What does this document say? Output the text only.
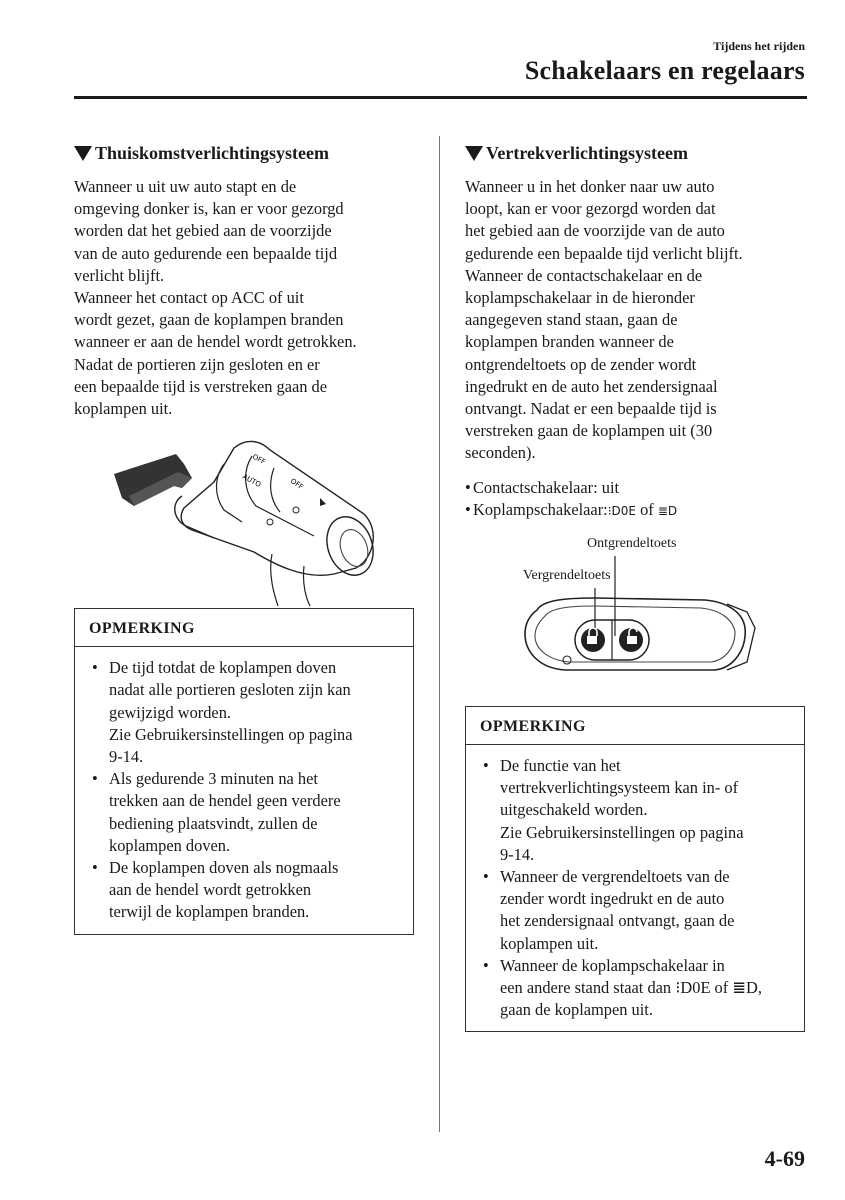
Tijdens het rijden
Schakelaars en regelaars
Thuiskomstverlichtingsysteem

Wanneer u uit uw auto stapt en de
omgeving donker is, kan er voor gezorgd
worden dat het gebied aan de voorzijde
van de auto gedurende een bepaalde tijd
verlicht blijft.
Wanneer het contact op ACC of uit
wordt gezet, gaan de koplampen branden
wanneer er aan de hendel wordt getrokken.
Nadat de portieren zijn gesloten en er
een bepaalde tijd is verstreken gaan de
koplampen uit.

OFF
AUTO	OFF
OPMERKING
• De tijd totdat de koplampen doven
nadat alle portieren gesloten zijn kan
gewijzigd worden.
Zie Gebruikersinstellingen op pagina
9-14.
• Als gedurende 3 minuten na het
trekken aan de hendel geen verdere
bediening plaatsvindt, zullen de
koplampen doven.
• De koplampen doven als nogmaals
aan de hendel wordt getrokken
terwijl de koplampen branden.
Vertrekverlichtingsysteem

Wanneer u in het donker naar uw auto
loopt, kan er voor gezorgd worden dat
het gebied aan de voorzijde van de auto
gedurende een bepaalde tijd verlicht blijft.
Wanneer de contactschakelaar en de
koplampschakelaar in de hieronder
aangegeven stand staan, gaan de
koplampen branden wanneer de
ontgrendeltoets op de zender wordt
ingedrukt en de auto het zendersignaal
ontvangt. Nadat er een bepaalde tijd is
verstreken gaan de koplampen uit (30
seconden).

• Contactschakelaar: uit
• Koplampschakelaar:⁝D0E of ≣D
Ontgrendeltoets
Vergrendeltoets
OPMERKING
• De functie van het
vertrekverlichtingsysteem kan in- of
uitgeschakeld worden.
Zie Gebruikersinstellingen op pagina
9-14.
• Wanneer de vergrendeltoets van de
zender wordt ingedrukt en de auto
het zendersignaal ontvangt, gaan de
koplampen uit.
• Wanneer de koplampschakelaar in
een andere stand staat dan ⁝D0E of ≣D,
gaan de koplampen uit.
4-69
